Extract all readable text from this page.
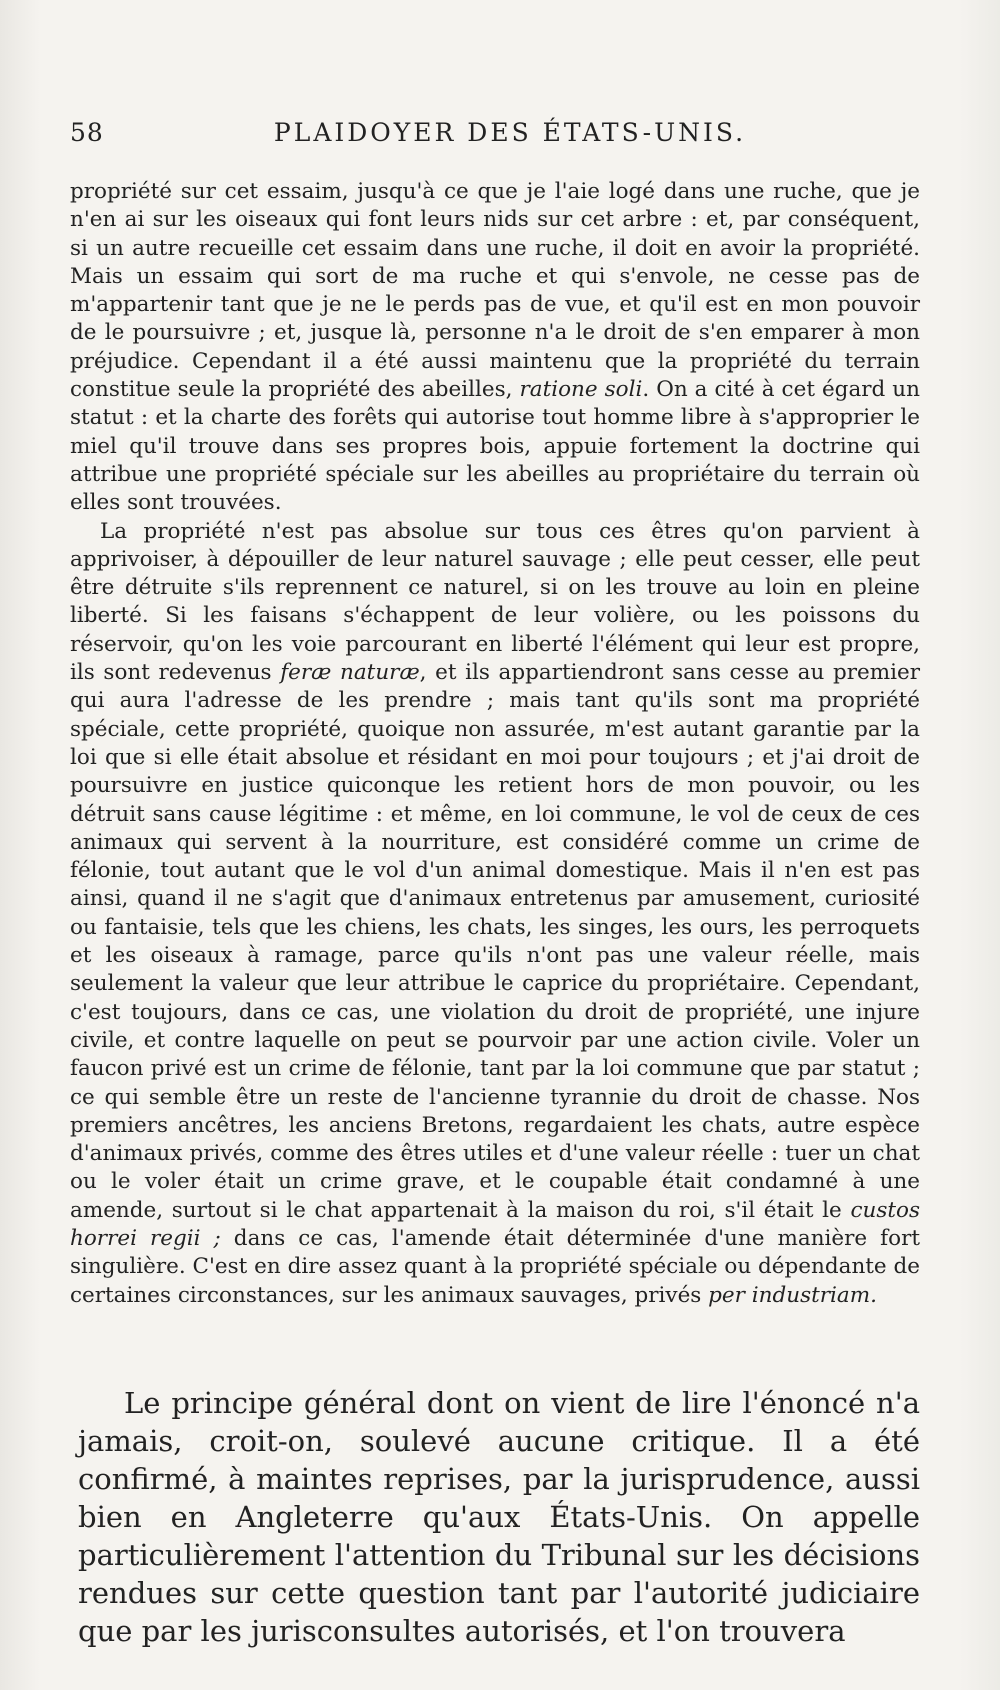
58	PLAIDOYER DES ÉTATS-UNIS.

propriété sur cet essaim, jusqu'à ce que je l'aie logé dans une ruche, que je n'en ai sur les oiseaux qui font leurs nids sur cet arbre : et, par conséquent, si un autre recueille cet essaim dans une ruche, il doit en avoir la propriété. Mais un essaim qui sort de ma ruche et qui s'envole, ne cesse pas de m'appartenir tant que je ne le perds pas de vue, et qu'il est en mon pouvoir de le poursuivre ; et, jusque là, personne n'a le droit de s'en emparer à mon préjudice. Cependant il a été aussi maintenu que la propriété du terrain constitue seule la propriété des abeilles, ratione soli. On a cité à cet égard un statut : et la charte des forêts qui autorise tout homme libre à s'approprier le miel qu'il trouve dans ses propres bois, appuie fortement la doctrine qui attribue une propriété spéciale sur les abeilles au propriétaire du terrain où elles sont trouvées.

La propriété n'est pas absolue sur tous ces êtres qu'on parvient à apprivoiser, à dépouiller de leur naturel sauvage ; elle peut cesser, elle peut être détruite s'ils reprennent ce naturel, si on les trouve au loin en pleine liberté. Si les faisans s'échappent de leur volière, ou les poissons du réservoir, qu'on les voie parcourant en liberté l'élément qui leur est propre, ils sont redevenus feræ naturæ, et ils appartiendront sans cesse au premier qui aura l'adresse de les prendre ; mais tant qu'ils sont ma propriété spéciale, cette propriété, quoique non assurée, m'est autant garantie par la loi que si elle était absolue et résidant en moi pour toujours ; et j'ai droit de poursuivre en justice quiconque les retient hors de mon pouvoir, ou les détruit sans cause légitime : et même, en loi commune, le vol de ceux de ces animaux qui servent à la nourriture, est considéré comme un crime de félonie, tout autant que le vol d'un animal domestique. Mais il n'en est pas ainsi, quand il ne s'agit que d'animaux entretenus par amusement, curiosité ou fantaisie, tels que les chiens, les chats, les singes, les ours, les perroquets et les oiseaux à ramage, parce qu'ils n'ont pas une valeur réelle, mais seulement la valeur que leur attribue le caprice du propriétaire. Cependant, c'est toujours, dans ce cas, une violation du droit de propriété, une injure civile, et contre laquelle on peut se pourvoir par une action civile. Voler un faucon privé est un crime de félonie, tant par la loi commune que par statut ; ce qui semble être un reste de l'ancienne tyrannie du droit de chasse. Nos premiers ancêtres, les anciens Bretons, regardaient les chats, autre espèce d'animaux privés, comme des êtres utiles et d'une valeur réelle : tuer un chat ou le voler était un crime grave, et le coupable était condamné à une amende, surtout si le chat appartenait à la maison du roi, s'il était le custos horrei regii ; dans ce cas, l'amende était déterminée d'une manière fort singulière. C'est en dire assez quant à la propriété spéciale ou dépendante de certaines circonstances, sur les animaux sauvages, privés per industriam.

Le principe général dont on vient de lire l'énoncé n'a jamais, croit-on, soulevé aucune critique. Il a été confirmé, à maintes reprises, par la jurisprudence, aussi bien en Angleterre qu'aux États-Unis. On appelle particulièrement l'attention du Tribunal sur les décisions rendues sur cette question tant par l'autorité judiciaire que par les jurisconsultes autorisés, et l'on trouvera
